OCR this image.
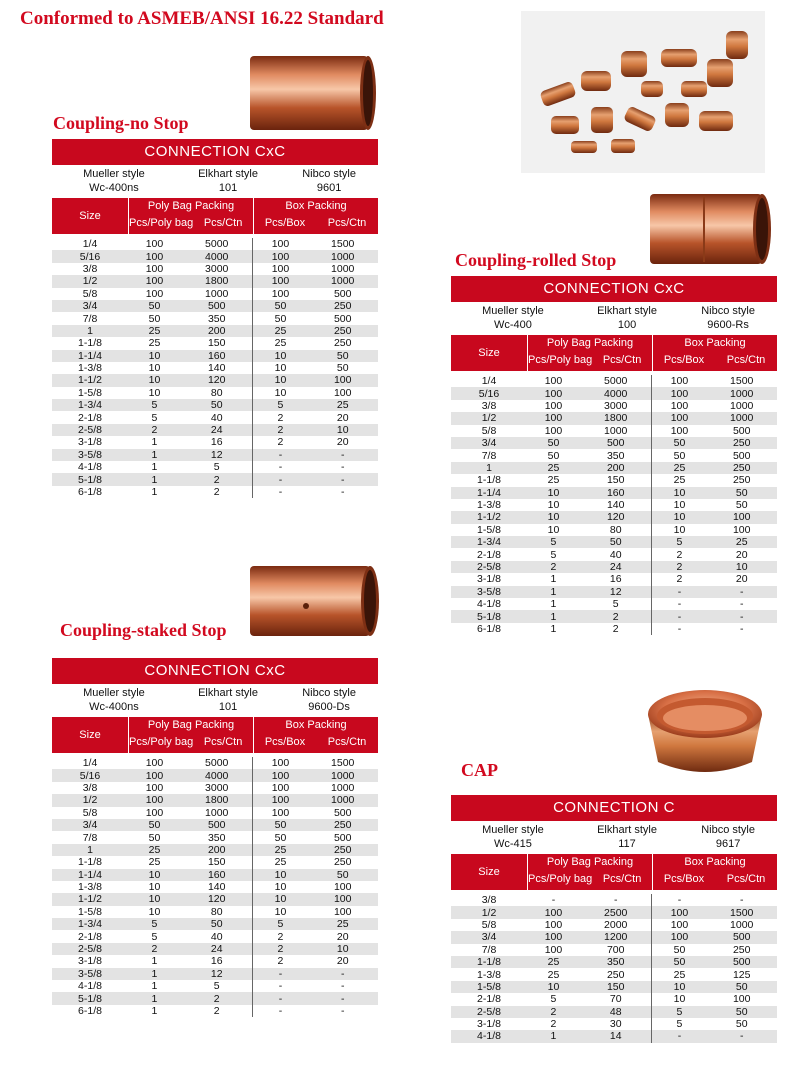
Conformed to ASMEB/ANSI 16.22 Standard
Coupling-no Stop
Coupling-rolled Stop
Coupling-staked Stop
CAP
CONNECTION CxC
Mueller style	Elkhart style	Nibco style
Wc-400ns	101	9601
Size
Poly Bag Packing
Pcs/Poly bag Pcs/Ctn
Box Packing
Pcs/Box	Pcs/Ctn
1/4	100	5000	100	1500
5/16	100	4000	100	1000
3/8	100	3000	100	1000
1/2	100	1800	100	1000
5/8	100	1000	100	500
3/4	50	500	50	250
7/8	50	350	50	500
1	25	200	25	250
1-1/8	25	150	25	250
1-1/4	10	160	10	50
1-3/8	10	140	10	50
1-1/2	10	120	10	100
1-5/8	10	80	10	100
1-3/4	5	50	5	25
2-1/8	5	40	2	20
2-5/8	2	24	2	10
3-1/8	1	16	2	20
3-5/8	1	12	-	-
4-1/8	1	5	-	-
5-1/8	1	2	-	-
6-1/8	1	2	-	-
CONNECTION CxC
Mueller style	Elkhart style	Nibco style
Wc-400	100	9600-Rs
Size
Poly Bag Packing
Pcs/Poly bag Pcs/Ctn
Box Packing
Pcs/Box	Pcs/Ctn
1/4	100	5000	100	1500
5/16	100	4000	100	1000
3/8	100	3000	100	1000
1/2	100	1800	100	1000
5/8	100	1000	100	500
3/4	50	500	50	250
7/8	50	350	50	500
1	25	200	25	250
1-1/8	25	150	25	250
1-1/4	10	160	10	50
1-3/8	10	140	10	50
1-1/2	10	120	10	100
1-5/8	10	80	10	100
1-3/4	5	50	5	25
2-1/8	5	40	2	20
2-5/8	2	24	2	10
3-1/8	1	16	2	20
3-5/8	1	12	-	-
4-1/8	1	5	-	-
5-1/8	1	2	-	-
6-1/8	1	2	-	-
CONNECTION CxC
Mueller style	Elkhart style	Nibco style
Wc-400ns	101	9600-Ds
Size
Poly Bag Packing
Pcs/Poly bag Pcs/Ctn
Box Packing
Pcs/Box	Pcs/Ctn
1/4	100	5000	100	1500
5/16	100	4000	100	1000
3/8	100	3000	100	1000
1/2	100	1800	100	1000
5/8	100	1000	100	500
3/4	50	500	50	250
7/8	50	350	50	500
1	25	200	25	250
1-1/8	25	150	25	250
1-1/4	10	160	10	50
1-3/8	10	140	10	100
1-1/2	10	120	10	100
1-5/8	10	80	10	100
1-3/4	5	50	5	25
2-1/8	5	40	2	20
2-5/8	2	24	2	10
3-1/8	1	16	2	20
3-5/8	1	12	-	-
4-1/8	1	5	-	-
5-1/8	1	2	-	-
6-1/8	1	2	-	-
CONNECTION C
Mueller style	Elkhart style	Nibco style
Wc-415	117	9617
Size
Poly Bag Packing
Pcs/Poly bag Pcs/Ctn
Box Packing
Pcs/Box	Pcs/Ctn
3/8	-	-	-	-
1/2	100	2500	100	1500
5/8	100	2000	100	1000
3/4	100	1200	100	500
7/8	100	700	50	250
1-1/8	25	350	50	500
1-3/8	25	250	25	125
1-5/8	10	150	10	50
2-1/8	5	70	10	100
2-5/8	2	48	5	50
3-1/8	2	30	5	50
4-1/8	1	14	-	-
